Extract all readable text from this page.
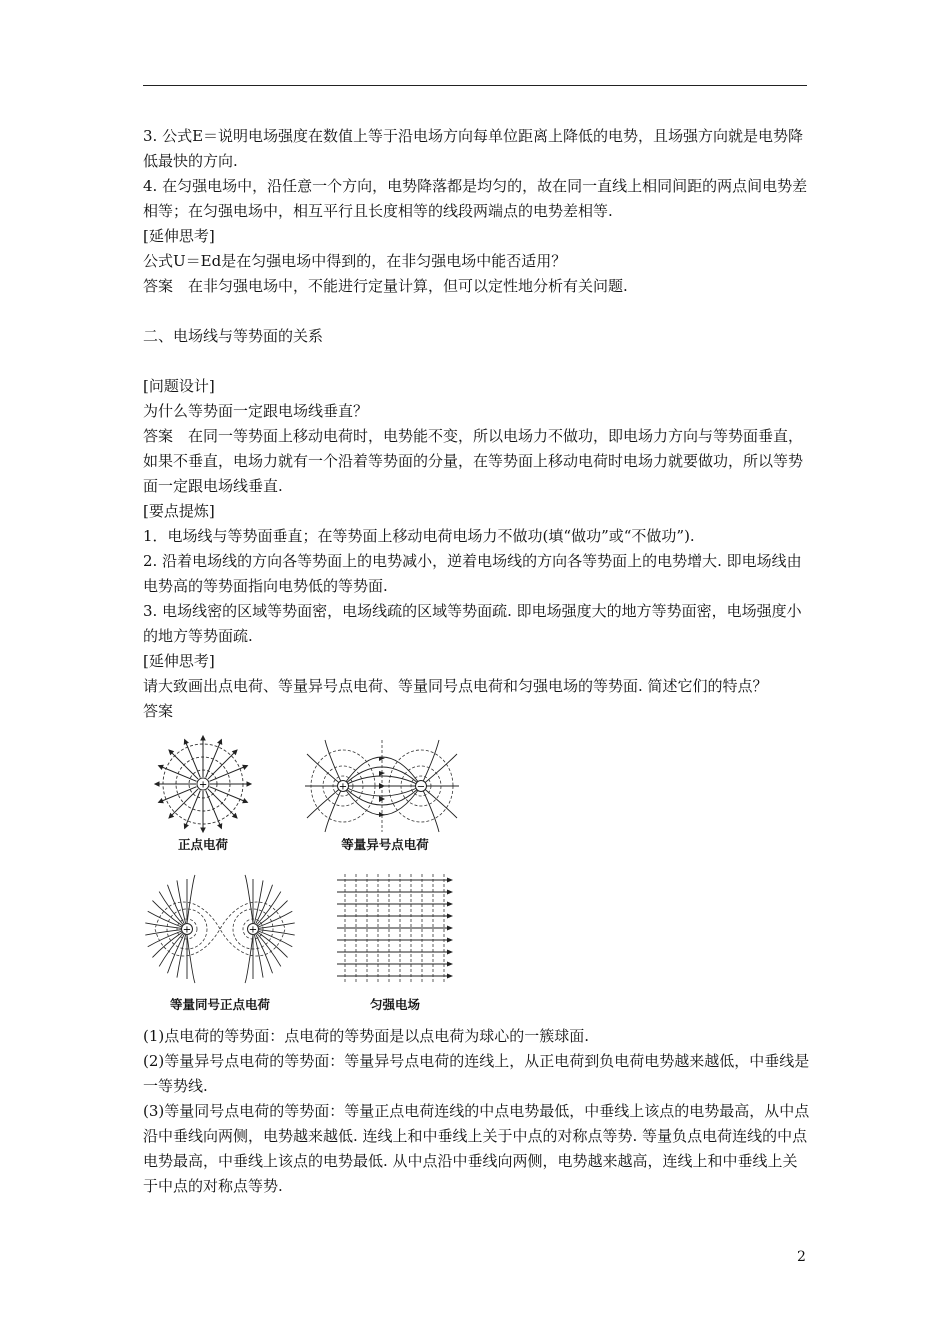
3. 公式E＝说明电场强度在数值上等于沿电场方向每单位距离上降低的电势，且场强方向就是电势降低最快的方向.

4. 在匀强电场中，沿任意一个方向，电势降落都是均匀的，故在同一直线上相同间距的两点间电势差相等；在匀强电场中，相互平行且长度相等的线段两端点的电势差相等.

[延伸思考]

公式U＝Ed是在匀强电场中得到的，在非匀强电场中能否适用？

答案　在非匀强电场中，不能进行定量计算，但可以定性地分析有关问题.

二、电场线与等势面的关系

[问题设计]

为什么等势面一定跟电场线垂直？

答案　在同一等势面上移动电荷时，电势能不变，所以电场力不做功，即电场力方向与等势面垂直，如果不垂直，电场力就有一个沿着等势面的分量，在等势面上移动电荷时电场力就要做功，所以等势面一定跟电场线垂直.

[要点提炼]

1．电场线与等势面垂直；在等势面上移动电荷电场力不做功(填“做功”或“不做功”).

2. 沿着电场线的方向各等势面上的电势减小，逆着电场线的方向各等势面上的电势增大. 即电场线由电势高的等势面指向电势低的等势面.

3. 电场线密的区域等势面密，电场线疏的区域等势面疏. 即电场强度大的地方等势面密，电场强度小的地方等势面疏.

[延伸思考]

请大致画出点电荷、等量异号点电荷、等量同号点电荷和匀强电场的等势面. 简述它们的特点？

答案

+
正点电荷
+	−
等量异号点电荷
+	+
等量同号正点电荷	匀强电场

(1)点电荷的等势面：点电荷的等势面是以点电荷为球心的一簇球面.

(2)等量异号点电荷的等势面：等量异号点电荷的连线上，从正电荷到负电荷电势越来越低，中垂线是一等势线.

(3)等量同号点电荷的等势面：等量正点电荷连线的中点电势最低，中垂线上该点的电势最高，从中点沿中垂线向两侧，电势越来越低. 连线上和中垂线上关于中点的对称点等势. 等量负点电荷连线的中点电势最高，中垂线上该点的电势最低. 从中点沿中垂线向两侧，电势越来越高，连线上和中垂线上关于中点的对称点等势.

2
